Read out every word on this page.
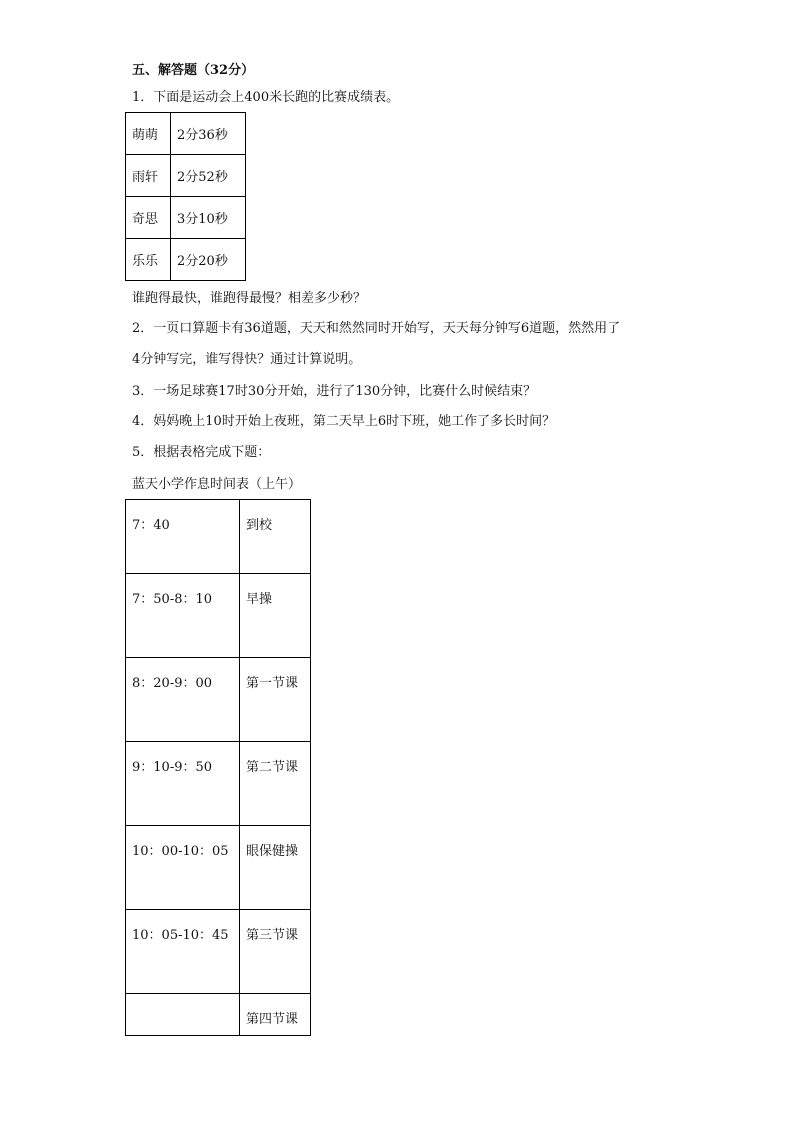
五、解答题（32分）
1．下面是运动会上400米长跑的比赛成绩表。
萌萌	2分36秒
雨轩	2分52秒
奇思	3分10秒
乐乐	2分20秒
谁跑得最快，谁跑得最慢？相差多少秒？
2．一页口算题卡有36道题，天天和然然同时开始写，天天每分钟写6道题，然然用了
4分钟写完，谁写得快？通过计算说明。
3．一场足球赛17时30分开始，进行了130分钟，比赛什么时候结束？
4．妈妈晚上10时开始上夜班，第二天早上6时下班，她工作了多长时间？
5．根据表格完成下题：
蓝天小学作息时间表（上午）
7：40	到校
7：50-8：10	早操
8：20-9：00	第一节课
9：10-9：50	第二节课
10：00-10：05	眼保健操
10：05-10：45	第三节课
	第四节课
